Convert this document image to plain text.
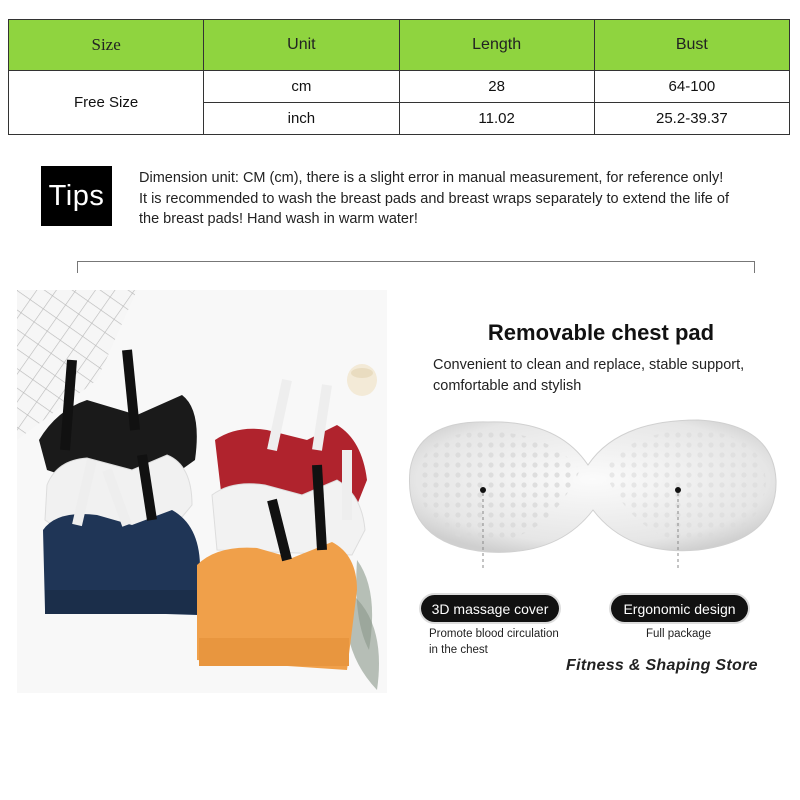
Size	Unit	Length	Bust
Free Size	cm	28	64-100
	inch	11.02	25.2-39.37
Tips

Dimension unit: CM (cm), there is a slight error in manual measurement, for reference only!

It is recommended to wash the breast pads and breast wraps separately to extend the life of

the breast pads! Hand wash in warm water!

Removable chest pad
Convenient to clean and replace, stable support,
comfortable and stylish
3D massage cover	Ergonomic design
Promote blood circulation
in the chest
Full package
Fitness & Shaping Store
